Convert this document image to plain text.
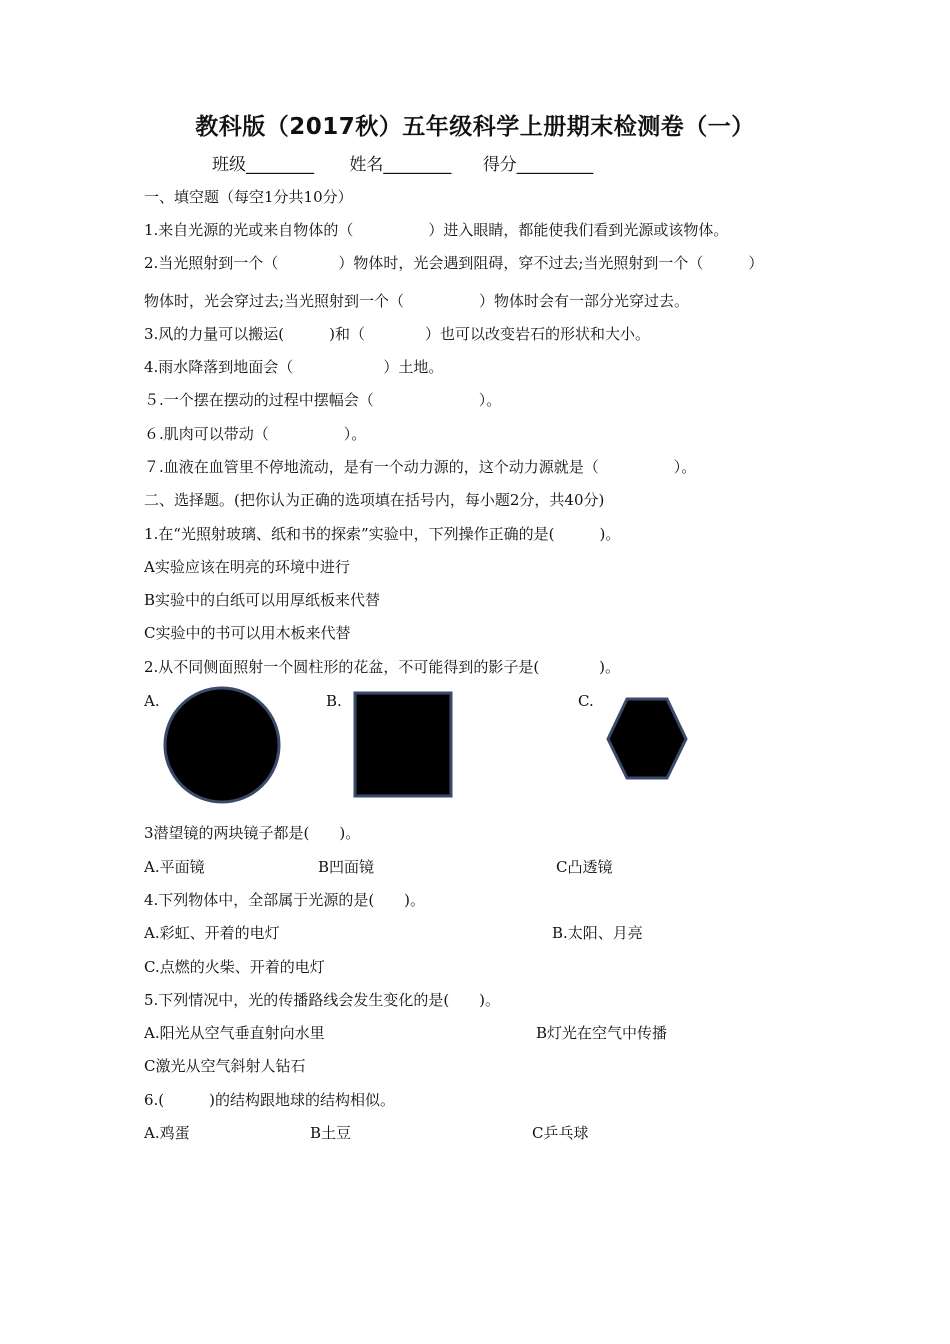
教科版（2017秋）五年级科学上册期末检测卷（一）
班级________ 姓名________ 得分_________
一、填空题（每空1分共10分）
1.来自光源的光或来自物体的（　　　　　）进入眼睛，都能使我们看到光源或该物体。
2.当光照射到一个（　　　　）物体时，光会遇到阻碍，穿不过去;当光照射到一个（　　　）
物体时，光会穿过去;当光照射到一个（　　　　　）物体时会有一部分光穿过去。
3.风的力量可以搬运(　　　)和（　　　　）也可以改变岩石的形状和大小。
4.雨水降落到地面会（　　　　　　）土地。
５.一个摆在摆动的过程中摆幅会（　　　　　　　）。
６.肌肉可以带动（　　　　　）。
７.血液在血管里不停地流动，是有一个动力源的，这个动力源就是（　　　　　）。
二、选择题。(把你认为正确的选项填在括号内，每小题2分，共40分)
1.在“光照射玻璃、纸和书的探索”实验中，下列操作正确的是(　　　)。
A实验应该在明亮的环境中进行
B实验中的白纸可以用厚纸板来代替
C实验中的书可以用木板来代替
2.从不同侧面照射一个圆柱形的花盆，不可能得到的影子是(　　　　)。
A.	B.	C.
3潜望镜的两块镜子都是(　　)。
A.平面镜	B凹面镜	C凸透镜
4.下列物体中，全部属于光源的是(　　)。
A.彩虹、开着的电灯	B.太阳、月亮
C.点燃的火柴、开着的电灯
5.下列情况中，光的传播路线会发生变化的是(　　)。
A.阳光从空气垂直射向水里	B灯光在空气中传播
C激光从空气斜射人钻石
6.(　　　)的结构跟地球的结构相似。
A.鸡蛋	B土豆	C乒乓球
